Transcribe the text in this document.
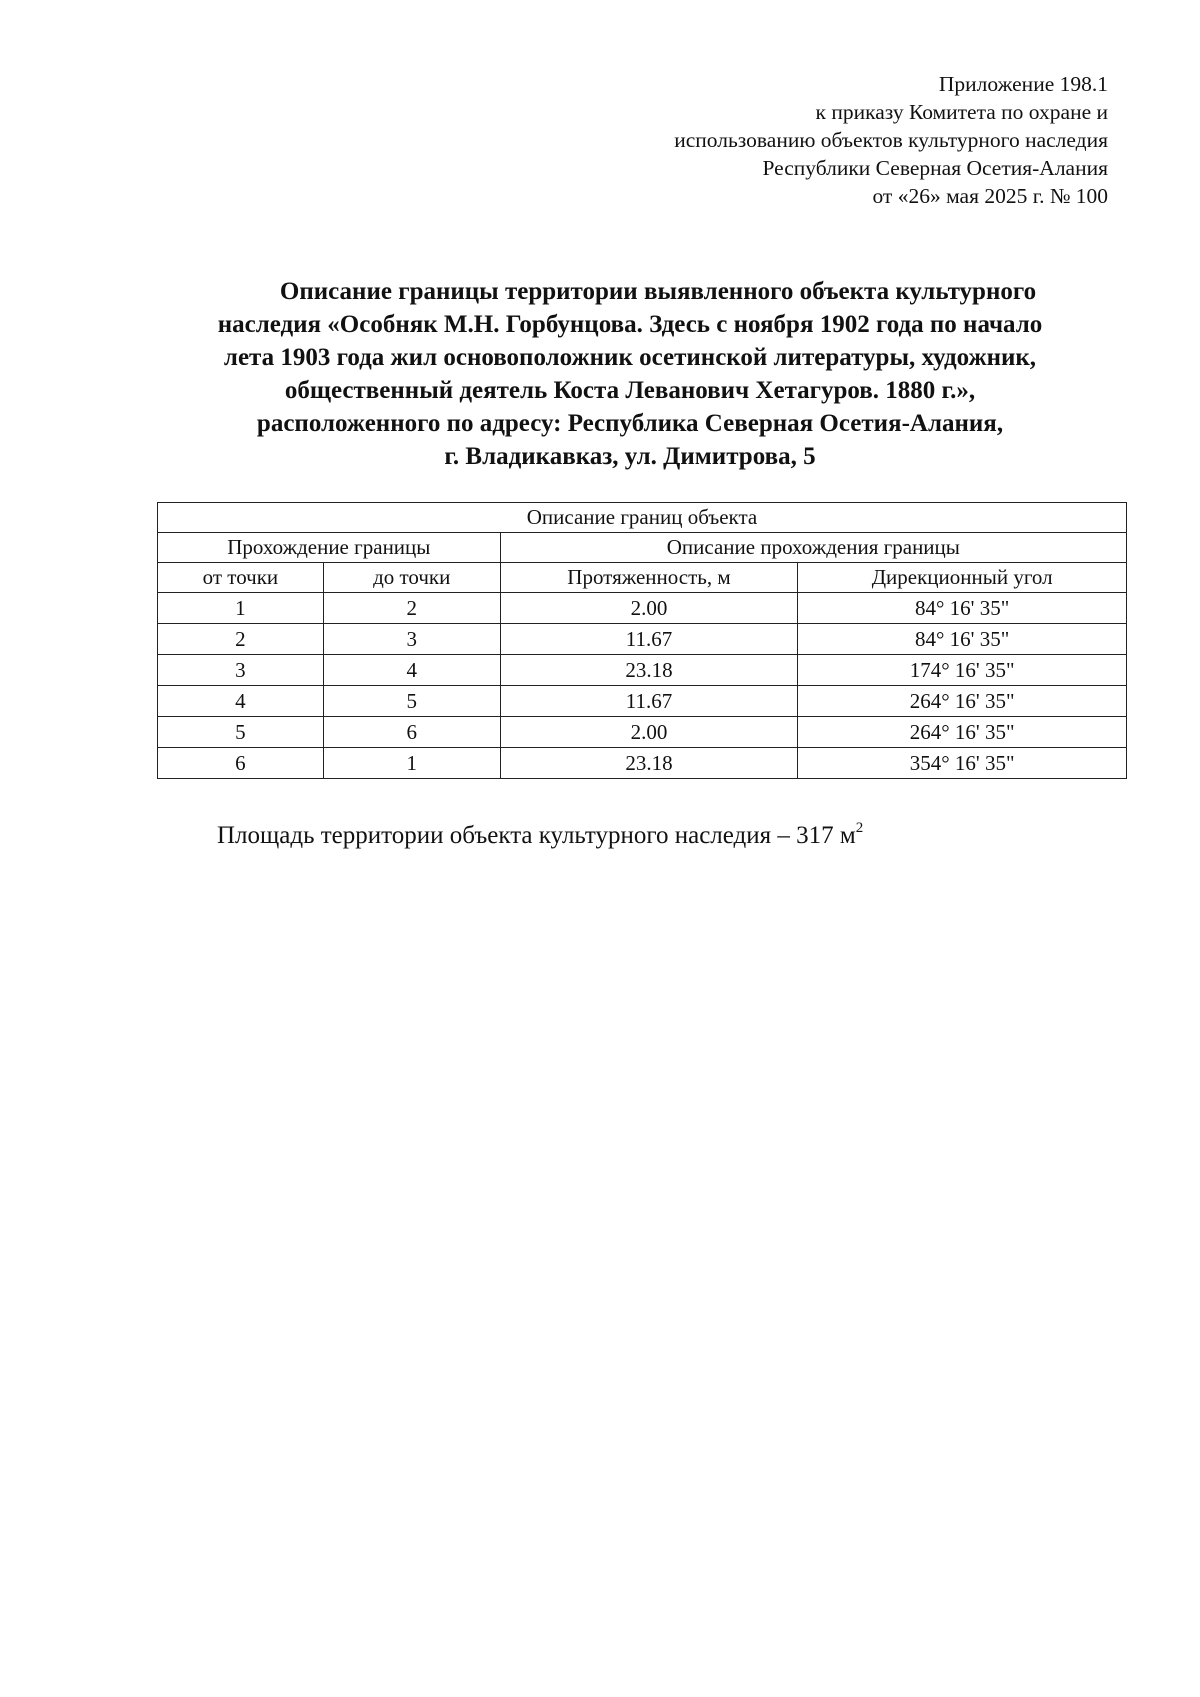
Приложение 198.1
к приказу Комитета по охране и
использованию объектов культурного наследия
Республики Северная Осетия-Алания
от «26» мая 2025 г. № 100
Описание границы территории выявленного объекта культурного
наследия «Особняк М.Н. Горбунцова. Здесь с ноября 1902 года по начало
лета 1903 года жил основоположник осетинской литературы, художник,
общественный деятель Коста Леванович Хетагуров. 1880 г.»,
расположенного по адресу: Республика Северная Осетия-Алания,
г. Владикавказ, ул. Димитрова, 5
Описание границ объекта			
Прохождение границы		Описание прохождения границы	
от точки	до точки	Протяженность, м	Дирекционный угол
1	2	2.00	84° 16' 35"
2	3	11.67	84° 16' 35"
3	4	23.18	174° 16' 35"
4	5	11.67	264° 16' 35"
5	6	2.00	264° 16' 35"
6	1	23.18	354° 16' 35"
Площадь территории объекта культурного наследия – 317 $м^2$
